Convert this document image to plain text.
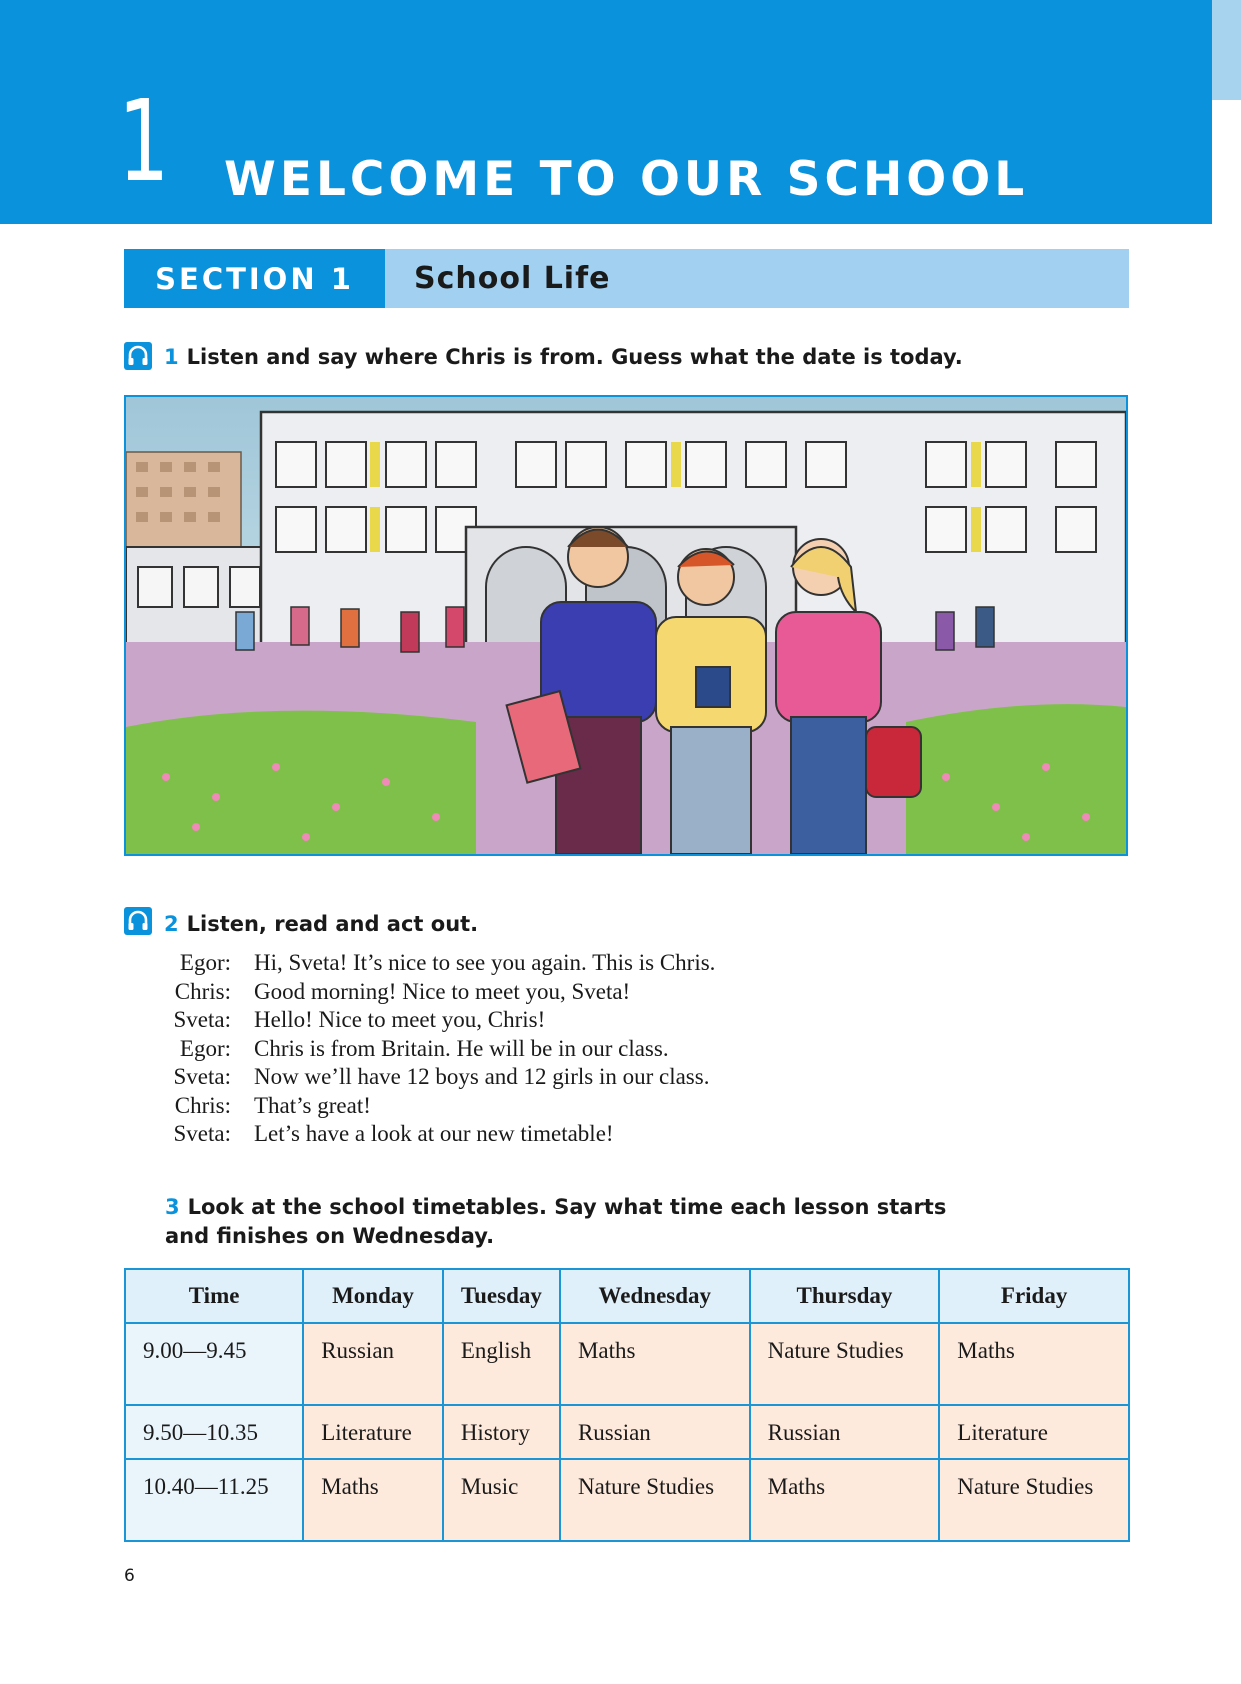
1 WELCOME TO OUR SCHOOL
SECTION 1	School Life
1 Listen and say where Chris is from. Guess what the date is today.
2 Listen, read and act out.
Egor:	Hi, Sveta! It’s nice to see you again. This is Chris.
Chris:	Good morning! Nice to meet you, Sveta!
Sveta:	Hello! Nice to meet you, Chris!
Egor:	Chris is from Britain. He will be in our class.
Sveta:	Now we’ll have 12 boys and 12 girls in our class.
Chris:	That’s great!
Sveta:	Let’s have a look at our new timetable!
3 Look at the school timetables. Say what time each lesson starts
and finishes on Wednesday.
Time	Monday	Tuesday	Wednesday	Thursday	Friday
9.00—9.45	Russian	English	Maths	Nature Studies	Maths
9.50—10.35	Literature	History	Russian	Russian	Literature
10.40—11.25	Maths	Music	Nature Studies	Maths	Nature Studies
6
